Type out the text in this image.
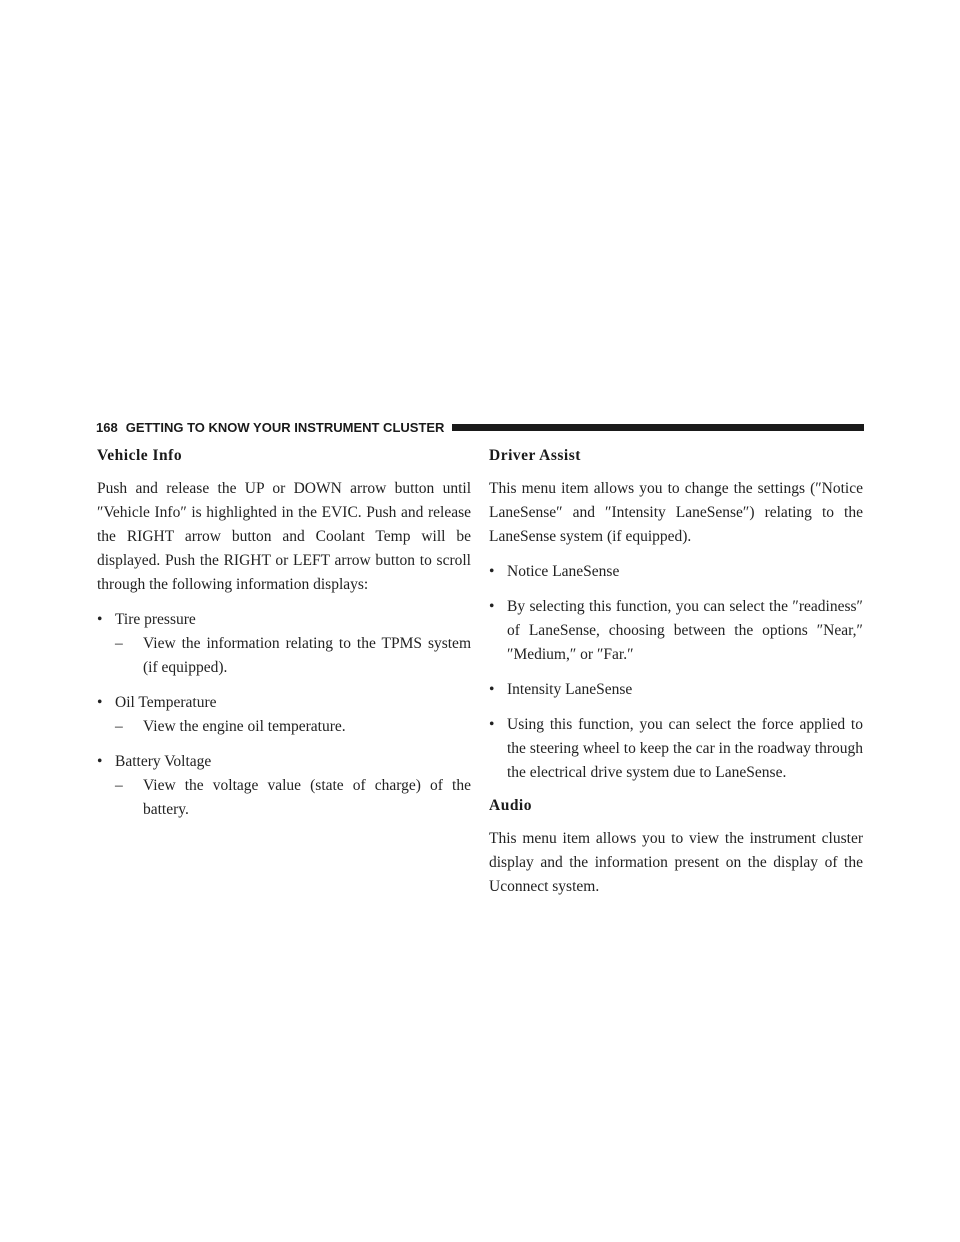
168 GETTING TO KNOW YOUR INSTRUMENT CLUSTER
Vehicle Info

Push and release the UP or DOWN arrow button until ″Vehicle Info″ is highlighted in the EVIC. Push and release the RIGHT arrow button and Coolant Temp will be displayed. Push the RIGHT or LEFT arrow button to scroll through the following information displays:

• Tire pressure
– View the information relating to the TPMS system (if equipped).
• Oil Temperature
– View the engine oil temperature.
• Battery Voltage
– View the voltage value (state of charge) of the battery.
Driver Assist

This menu item allows you to change the settings (″Notice LaneSense″ and ″Intensity LaneSense″) relating to the LaneSense system (if equipped).

• Notice LaneSense
• By selecting this function, you can select the ″readiness″ of LaneSense, choosing between the options ″Near,″ ″Medium,″ or ″Far.″
• Intensity LaneSense
• Using this function, you can select the force applied to the steering wheel to keep the car in the roadway through the electrical drive system due to LaneSense.
Audio

This menu item allows you to view the instrument cluster display and the information present on the display of the Uconnect system.
